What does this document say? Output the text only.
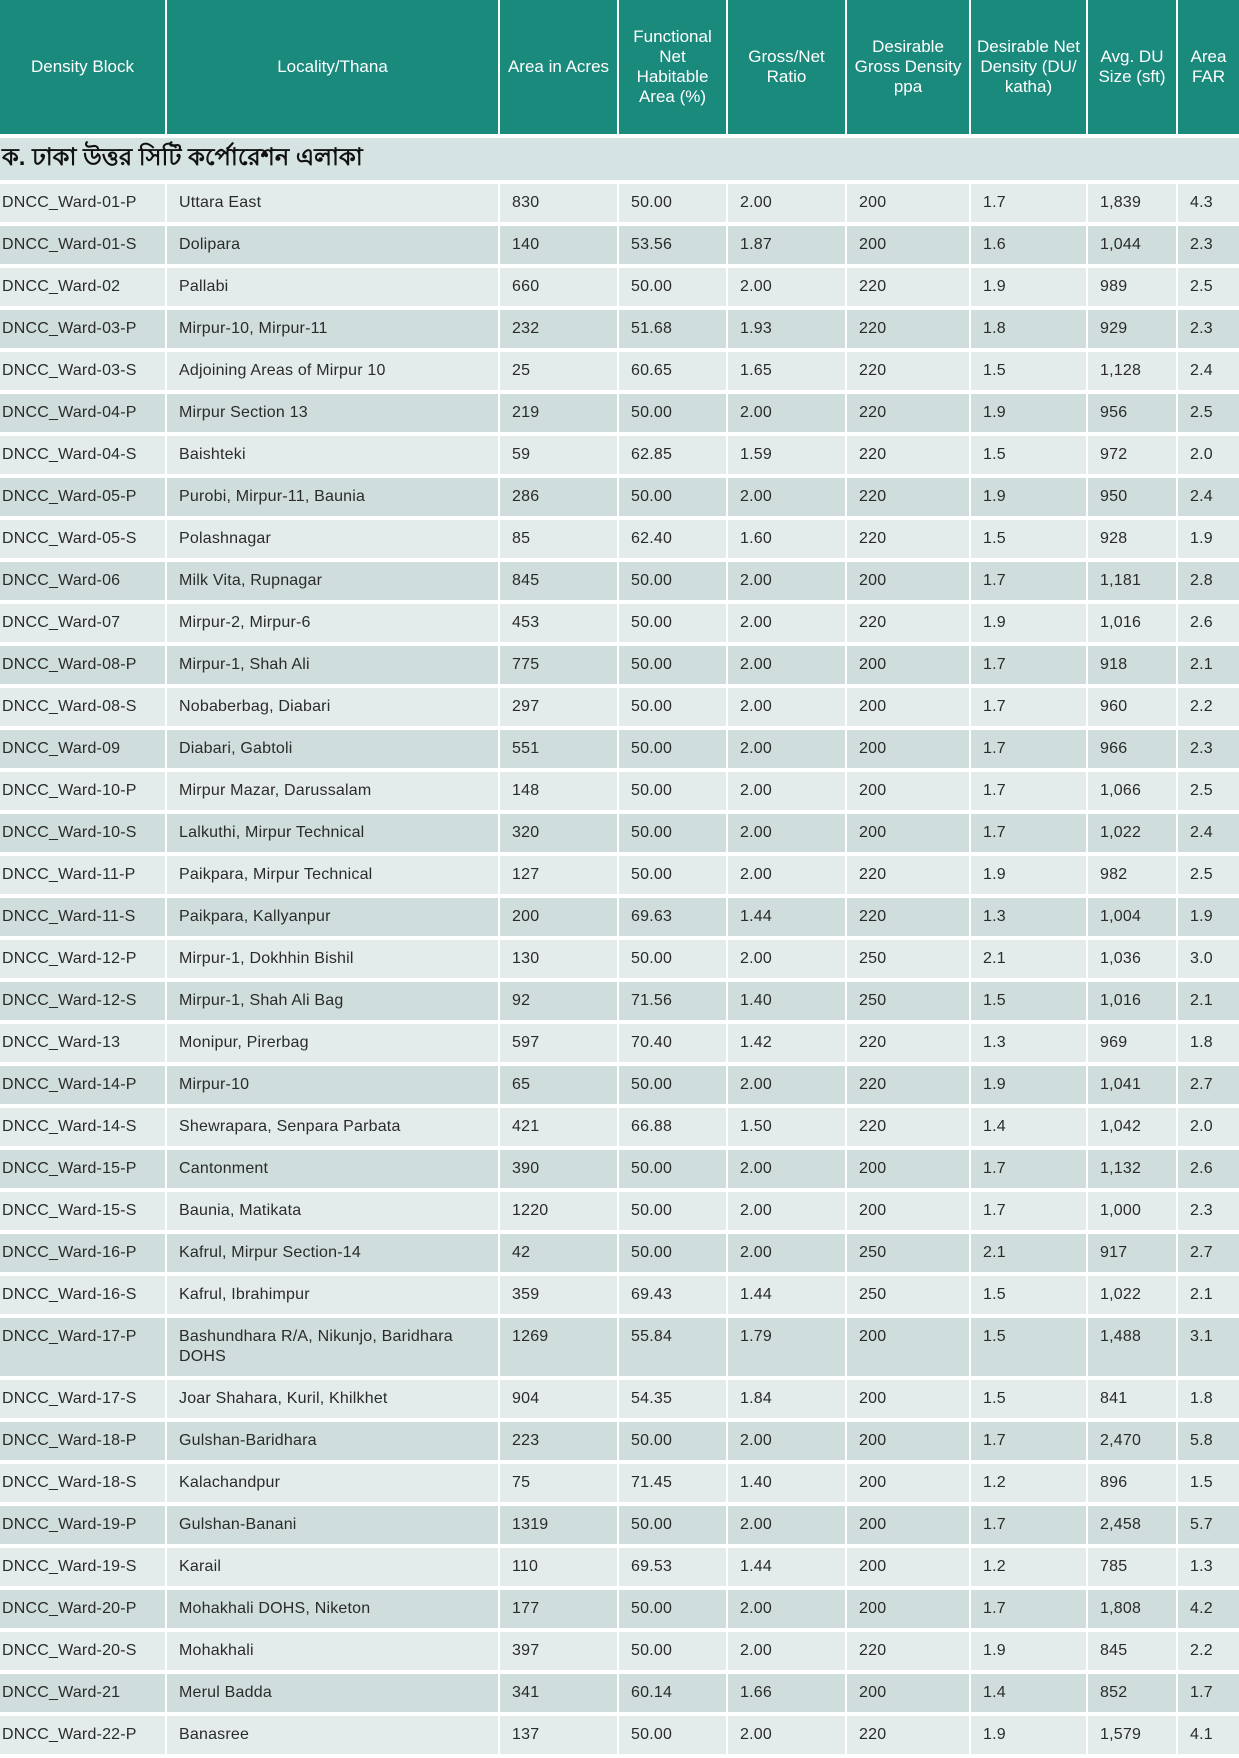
Density Block	Locality/Thana	Area in Acres	Functional Net Habitable Area (%)	Gross/Net Ratio	Desirable Gross Density ppa	Desirable Net Density (DU/ katha)	Avg. DU Size (sft)	Area FAR
ক. ঢাকা উত্তর সিটি কর্পোরেশন এলাকা								
DNCC_Ward-01-P	Uttara East	830	50.00	2.00	200	1.7	1,839	4.3
DNCC_Ward-01-S	Dolipara	140	53.56	1.87	200	1.6	1,044	2.3
DNCC_Ward-02	Pallabi	660	50.00	2.00	220	1.9	989	2.5
DNCC_Ward-03-P	Mirpur-10, Mirpur-11	232	51.68	1.93	220	1.8	929	2.3
DNCC_Ward-03-S	Adjoining Areas of Mirpur 10	25	60.65	1.65	220	1.5	1,128	2.4
DNCC_Ward-04-P	Mirpur Section 13	219	50.00	2.00	220	1.9	956	2.5
DNCC_Ward-04-S	Baishteki	59	62.85	1.59	220	1.5	972	2.0
DNCC_Ward-05-P	Purobi, Mirpur-11, Baunia	286	50.00	2.00	220	1.9	950	2.4
DNCC_Ward-05-S	Polashnagar	85	62.40	1.60	220	1.5	928	1.9
DNCC_Ward-06	Milk Vita, Rupnagar	845	50.00	2.00	200	1.7	1,181	2.8
DNCC_Ward-07	Mirpur-2, Mirpur-6	453	50.00	2.00	220	1.9	1,016	2.6
DNCC_Ward-08-P	Mirpur-1, Shah Ali	775	50.00	2.00	200	1.7	918	2.1
DNCC_Ward-08-S	Nobaberbag, Diabari	297	50.00	2.00	200	1.7	960	2.2
DNCC_Ward-09	Diabari, Gabtoli	551	50.00	2.00	200	1.7	966	2.3
DNCC_Ward-10-P	Mirpur Mazar, Darussalam	148	50.00	2.00	200	1.7	1,066	2.5
DNCC_Ward-10-S	Lalkuthi, Mirpur Technical	320	50.00	2.00	200	1.7	1,022	2.4
DNCC_Ward-11-P	Paikpara, Mirpur Technical	127	50.00	2.00	220	1.9	982	2.5
DNCC_Ward-11-S	Paikpara, Kallyanpur	200	69.63	1.44	220	1.3	1,004	1.9
DNCC_Ward-12-P	Mirpur-1, Dokhhin Bishil	130	50.00	2.00	250	2.1	1,036	3.0
DNCC_Ward-12-S	Mirpur-1, Shah Ali Bag	92	71.56	1.40	250	1.5	1,016	2.1
DNCC_Ward-13	Monipur, Pirerbag	597	70.40	1.42	220	1.3	969	1.8
DNCC_Ward-14-P	Mirpur-10	65	50.00	2.00	220	1.9	1,041	2.7
DNCC_Ward-14-S	Shewrapara, Senpara Parbata	421	66.88	1.50	220	1.4	1,042	2.0
DNCC_Ward-15-P	Cantonment	390	50.00	2.00	200	1.7	1,132	2.6
DNCC_Ward-15-S	Baunia, Matikata	1220	50.00	2.00	200	1.7	1,000	2.3
DNCC_Ward-16-P	Kafrul, Mirpur Section-14	42	50.00	2.00	250	2.1	917	2.7
DNCC_Ward-16-S	Kafrul, Ibrahimpur	359	69.43	1.44	250	1.5	1,022	2.1
DNCC_Ward-17-P	Bashundhara R/A, Nikunjo, Baridhara DOHS	1269	55.84	1.79	200	1.5	1,488	3.1
DNCC_Ward-17-S	Joar Shahara, Kuril, Khilkhet	904	54.35	1.84	200	1.5	841	1.8
DNCC_Ward-18-P	Gulshan-Baridhara	223	50.00	2.00	200	1.7	2,470	5.8
DNCC_Ward-18-S	Kalachandpur	75	71.45	1.40	200	1.2	896	1.5
DNCC_Ward-19-P	Gulshan-Banani	1319	50.00	2.00	200	1.7	2,458	5.7
DNCC_Ward-19-S	Karail	110	69.53	1.44	200	1.2	785	1.3
DNCC_Ward-20-P	Mohakhali DOHS, Niketon	177	50.00	2.00	200	1.7	1,808	4.2
DNCC_Ward-20-S	Mohakhali	397	50.00	2.00	220	1.9	845	2.2
DNCC_Ward-21	Merul Badda	341	60.14	1.66	200	1.4	852	1.7
DNCC_Ward-22-P	Banasree	137	50.00	2.00	220	1.9	1,579	4.1
